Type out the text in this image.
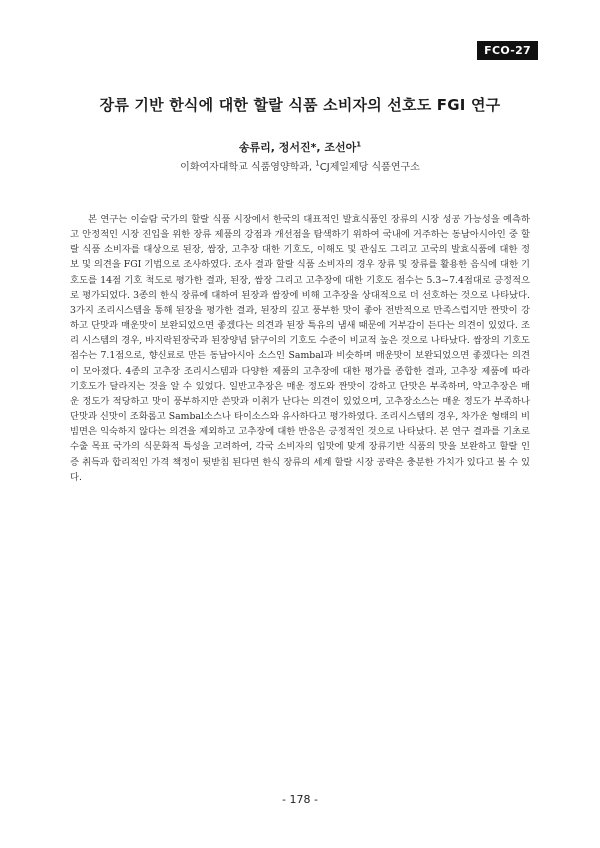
FCO-27
장류 기반 한식에 대한 할랄 식품 소비자의 선호도 FGI 연구
송류리, 정서진*, 조선아$^1$
이화여자대학교 식품영양학과, $^1$CJ제일제당 식품연구소

본 연구는 이슬람 국가의 할랄 식품 시장에서 한국의 대표적인 발효식품인 장류의 시장 성공 가능성을 예측하고 안정적인 시장 진입을 위한 장류 제품의 강점과 개선점을 탐색하기 위하여 국내에 거주하는 동남아시아인 중 할랄 식품 소비자를 대상으로 된장, 쌈장, 고추장 대한 기호도, 이해도 및 관심도 그리고 고국의 발효식품에 대한 정보 및 의견을 FGI 기법으로 조사하였다. 조사 결과 할랄 식품 소비자의 경우 장류 및 장류를 활용한 음식에 대한 기호도를 14점 기호 척도로 평가한 결과, 된장, 쌈장 그리고 고추장에 대한 기호도 점수는 5.3~7.4점대로 긍정적으로 평가되었다. 3종의 한식 장류에 대하여 된장과 쌈장에 비해 고추장을 상대적으로 더 선호하는 것으로 나타났다. 3가지 조리시스템을 통해 된장을 평가한 결과, 된장의 깊고 풍부한 맛이 좋아 전반적으로 만족스럽지만 짠맛이 강하고 단맛과 매운맛이 보완되었으면 좋겠다는 의견과 된장 특유의 냄새 때문에 거부감이 든다는 의견이 있었다. 조리 시스템의 경우, 바지락된장국과 된장양념 닭구이의 기호도 수준이 비교적 높은 것으로 나타났다. 쌈장의 기호도 점수는 7.1점으로, 향신료로 만든 동남아시아 소스인 Sambal과 비슷하며 매운맛이 보완되었으면 좋겠다는 의견이 모아졌다. 4종의 고추장 조리시스템과 다양한 제품의 고추장에 대한 평가를 종합한 결과, 고추장 제품에 따라 기호도가 달라지는 것을 알 수 있었다. 일반고추장은 매운 정도와 짠맛이 강하고 단맛은 부족하며, 약고추장은 매운 정도가 적당하고 맛이 풍부하지만 쓴맛과 이취가 난다는 의견이 있었으며, 고추장소스는 매운 정도가 부족하나 단맛과 신맛이 조화롭고 Sambal소스나 타이소스와 유사하다고 평가하였다. 조리시스템의 경우, 차가운 형태의 비빔면은 익숙하지 않다는 의견을 제외하고 고추장에 대한 반응은 긍정적인 것으로 나타났다. 본 연구 결과를 기초로 수출 목표 국가의 식문화적 특성을 고려하여, 각국 소비자의 입맛에 맞게 장류기반 식품의 맛을 보완하고 할랄 인증 취득과 합리적인 가격 책정이 뒷받침 된다면 한식 장류의 세계 할랄 시장 공략은 충분한 가치가 있다고 볼 수 있다.

- 178 -
